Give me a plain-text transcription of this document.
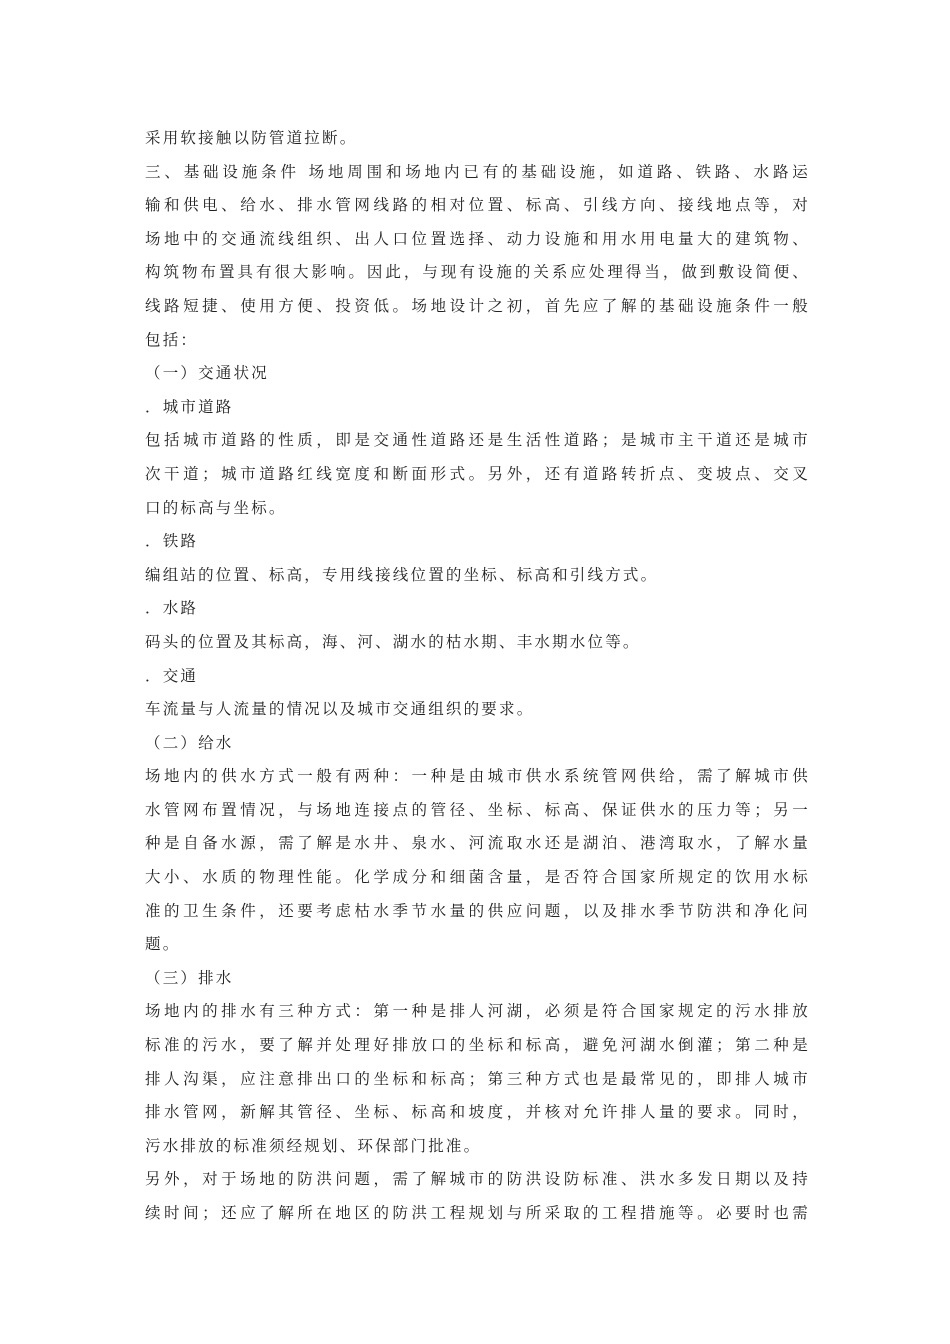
采用软接触以防管道拉断。
三、基础设施条件 场地周围和场地内已有的基础设施，如道路、铁路、水路运
输和供电、给水、排水管网线路的相对位置、标高、引线方向、接线地点等，对
场地中的交通流线组织、出人口位置选择、动力设施和用水用电量大的建筑物、
构筑物布置具有很大影响。因此，与现有设施的关系应处理得当，做到敷设简便、
线路短捷、使用方便、投资低。场地设计之初，首先应了解的基础设施条件一般
包括：
（一）交通状况
．城市道路
包括城市道路的性质，即是交通性道路还是生活性道路；是城市主干道还是城市
次干道；城市道路红线宽度和断面形式。另外，还有道路转折点、变坡点、交叉
口的标高与坐标。
．铁路
编组站的位置、标高，专用线接线位置的坐标、标高和引线方式。
．水路
码头的位置及其标高，海、河、湖水的枯水期、丰水期水位等。
．交通
车流量与人流量的情况以及城市交通组织的要求。
（二）给水
场地内的供水方式一般有两种：一种是由城市供水系统管网供给，需了解城市供
水管网布置情况，与场地连接点的管径、坐标、标高、保证供水的压力等；另一
种是自备水源，需了解是水井、泉水、河流取水还是湖泊、港湾取水，了解水量
大小、水质的物理性能。化学成分和细菌含量，是否符合国家所规定的饮用水标
准的卫生条件，还要考虑枯水季节水量的供应问题，以及排水季节防洪和净化问
题。
（三）排水
场地内的排水有三种方式：第一种是排人河湖，必须是符合国家规定的污水排放
标准的污水，要了解并处理好排放口的坐标和标高，避免河湖水倒灌；第二种是
排人沟渠，应注意排出口的坐标和标高；第三种方式也是最常见的，即排人城市
排水管网，新解其管径、坐标、标高和坡度，并核对允许排人量的要求。同时，
污水排放的标准须经规划、环保部门批准。
另外，对于场地的防洪问题，需了解城市的防洪设防标准、洪水多发日期以及持
续时间；还应了解所在地区的防洪工程规划与所采取的工程措施等。必要时也需
